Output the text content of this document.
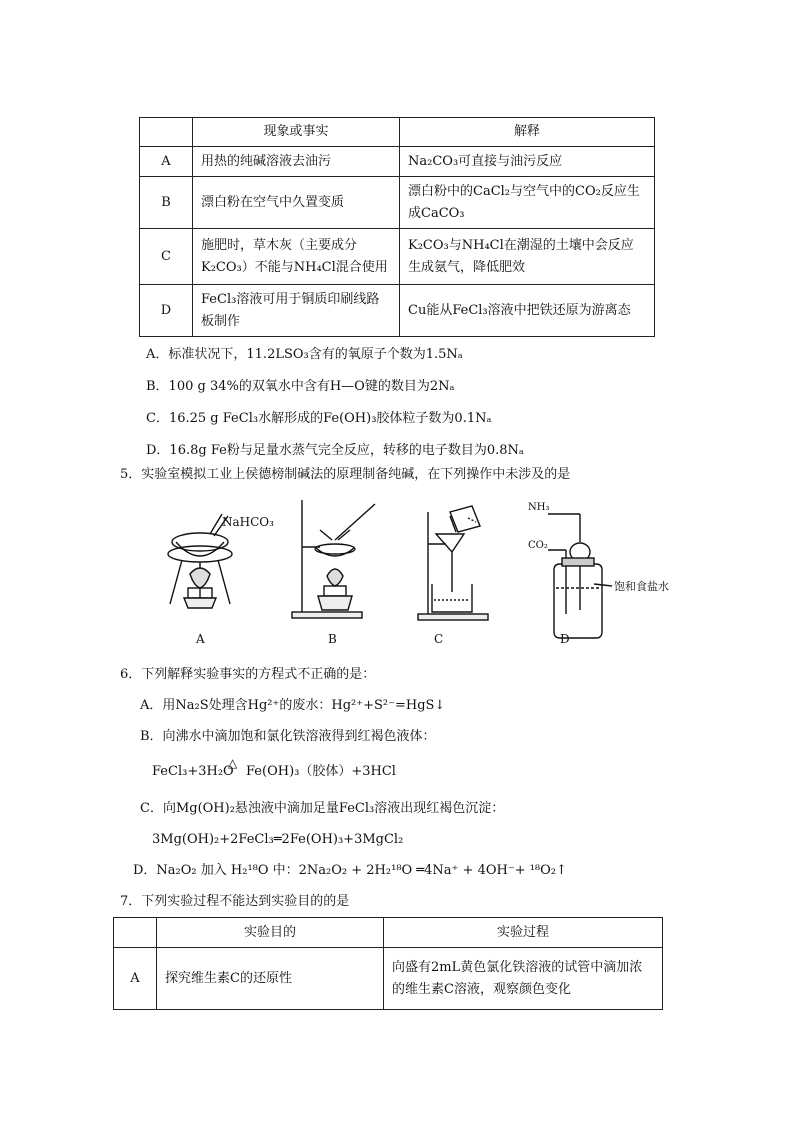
	现象或事实	解释
A	用热的纯碱溶液去油污	Na₂CO₃可直接与油污反应
B	漂白粉在空气中久置变质	漂白粉中的CaCl₂与空气中的CO₂反应生成CaCO₃
C	施肥时，草木灰（主要成分K₂CO₃）不能与NH₄Cl混合使用	K₂CO₃与NH₄Cl在潮湿的土壤中会反应生成氨气，降低肥效
D	FeCl₃溶液可用于铜质印刷线路板制作	Cu能从FeCl₃溶液中把铁还原为游离态
A．标准状况下，11.2LSO₃含有的氧原子个数为1.5Nₐ
B．100 g 34%的双氧水中含有H—O键的数目为2Nₐ
C．16.25 g FeCl₃水解形成的Fe(OH)₃胶体粒子数为0.1Nₐ
D．16.8g Fe粉与足量水蒸气完全反应，转移的电子数目为0.8Nₐ
5．实验室模拟工业上侯德榜制碱法的原理制备纯碱，在下列操作中未涉及的是
NaHCO₃
NH₃
CO₂
饱和食盐水
A	B	C	D
6．下列解释实验事实的方程式不正确的是：
A．用Na₂S处理含Hg²⁺的废水：Hg²⁺+S²⁻=HgS↓
B．向沸水中滴加饱和氯化铁溶液得到红褐色液体：
FeCl₃+3H₂O
△
Fe(OH)₃（胶体）+3HCl
C．向Mg(OH)₂悬浊液中滴加足量FeCl₃溶液出现红褐色沉淀：
3Mg(OH)₂+2FeCl₃═2Fe(OH)₃+3MgCl₂
D．Na₂O₂ 加入 H₂¹⁸O 中：2Na₂O₂ + 2H₂¹⁸O ═4Na⁺ + 4OH⁻+ ¹⁸O₂↑
7．下列实验过程不能达到实验目的的是
	实验目的	实验过程
A	探究维生素C的还原性	向盛有2mL黄色氯化铁溶液的试管中滴加浓的维生素C溶液，观察颜色变化
